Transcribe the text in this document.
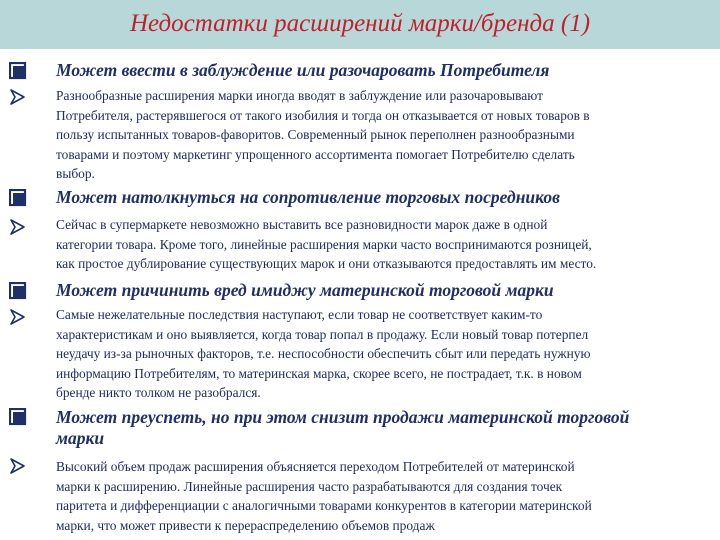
Недостатки расширений марки/бренда (1)
Может ввести в заблуждение или разочаровать Потребителя
Разнообразные расширения марки иногда вводят в заблуждение или разочаровывают
Потребителя, растерявшегося от такого изобилия и тогда он отказывается от новых товаров в
пользу испытанных товаров-фаворитов. Современный рынок переполнен разнообразными
товарами и поэтому маркетинг упрощенного ассортимента помогает Потребителю сделать
выбор.
Может натолкнуться на сопротивление торговых посредников
Сейчас в супермаркете невозможно выставить все разновидности марок даже в одной
категории товара. Кроме того, линейные расширения марки часто воспринимаются розницей,
как простое дублирование существующих марок и они отказываются предоставлять им место.
Может причинить вред имиджу материнской торговой марки
Самые нежелательные последствия наступают, если товар не соответствует каким-то
характеристикам и оно выявляется, когда товар попал в продажу. Если новый товар потерпел
неудачу из-за рыночных факторов, т.е. неспособности обеспечить сбыт или передать нужную
информацию Потребителям, то материнская марка, скорее всего, не пострадает, т.к. в новом
бренде никто толком не разобрался.
Может преуспеть, но при этом снизит продажи материнской торговой
марки
Высокий объем продаж расширения объясняется переходом Потребителей от материнской
марки к расширению. Линейные расширения часто разрабатываются для создания точек
паритета и дифференциации с аналогичными товарами конкурентов в категории материнской
марки, что может привести к перераспределению объемов продаж
